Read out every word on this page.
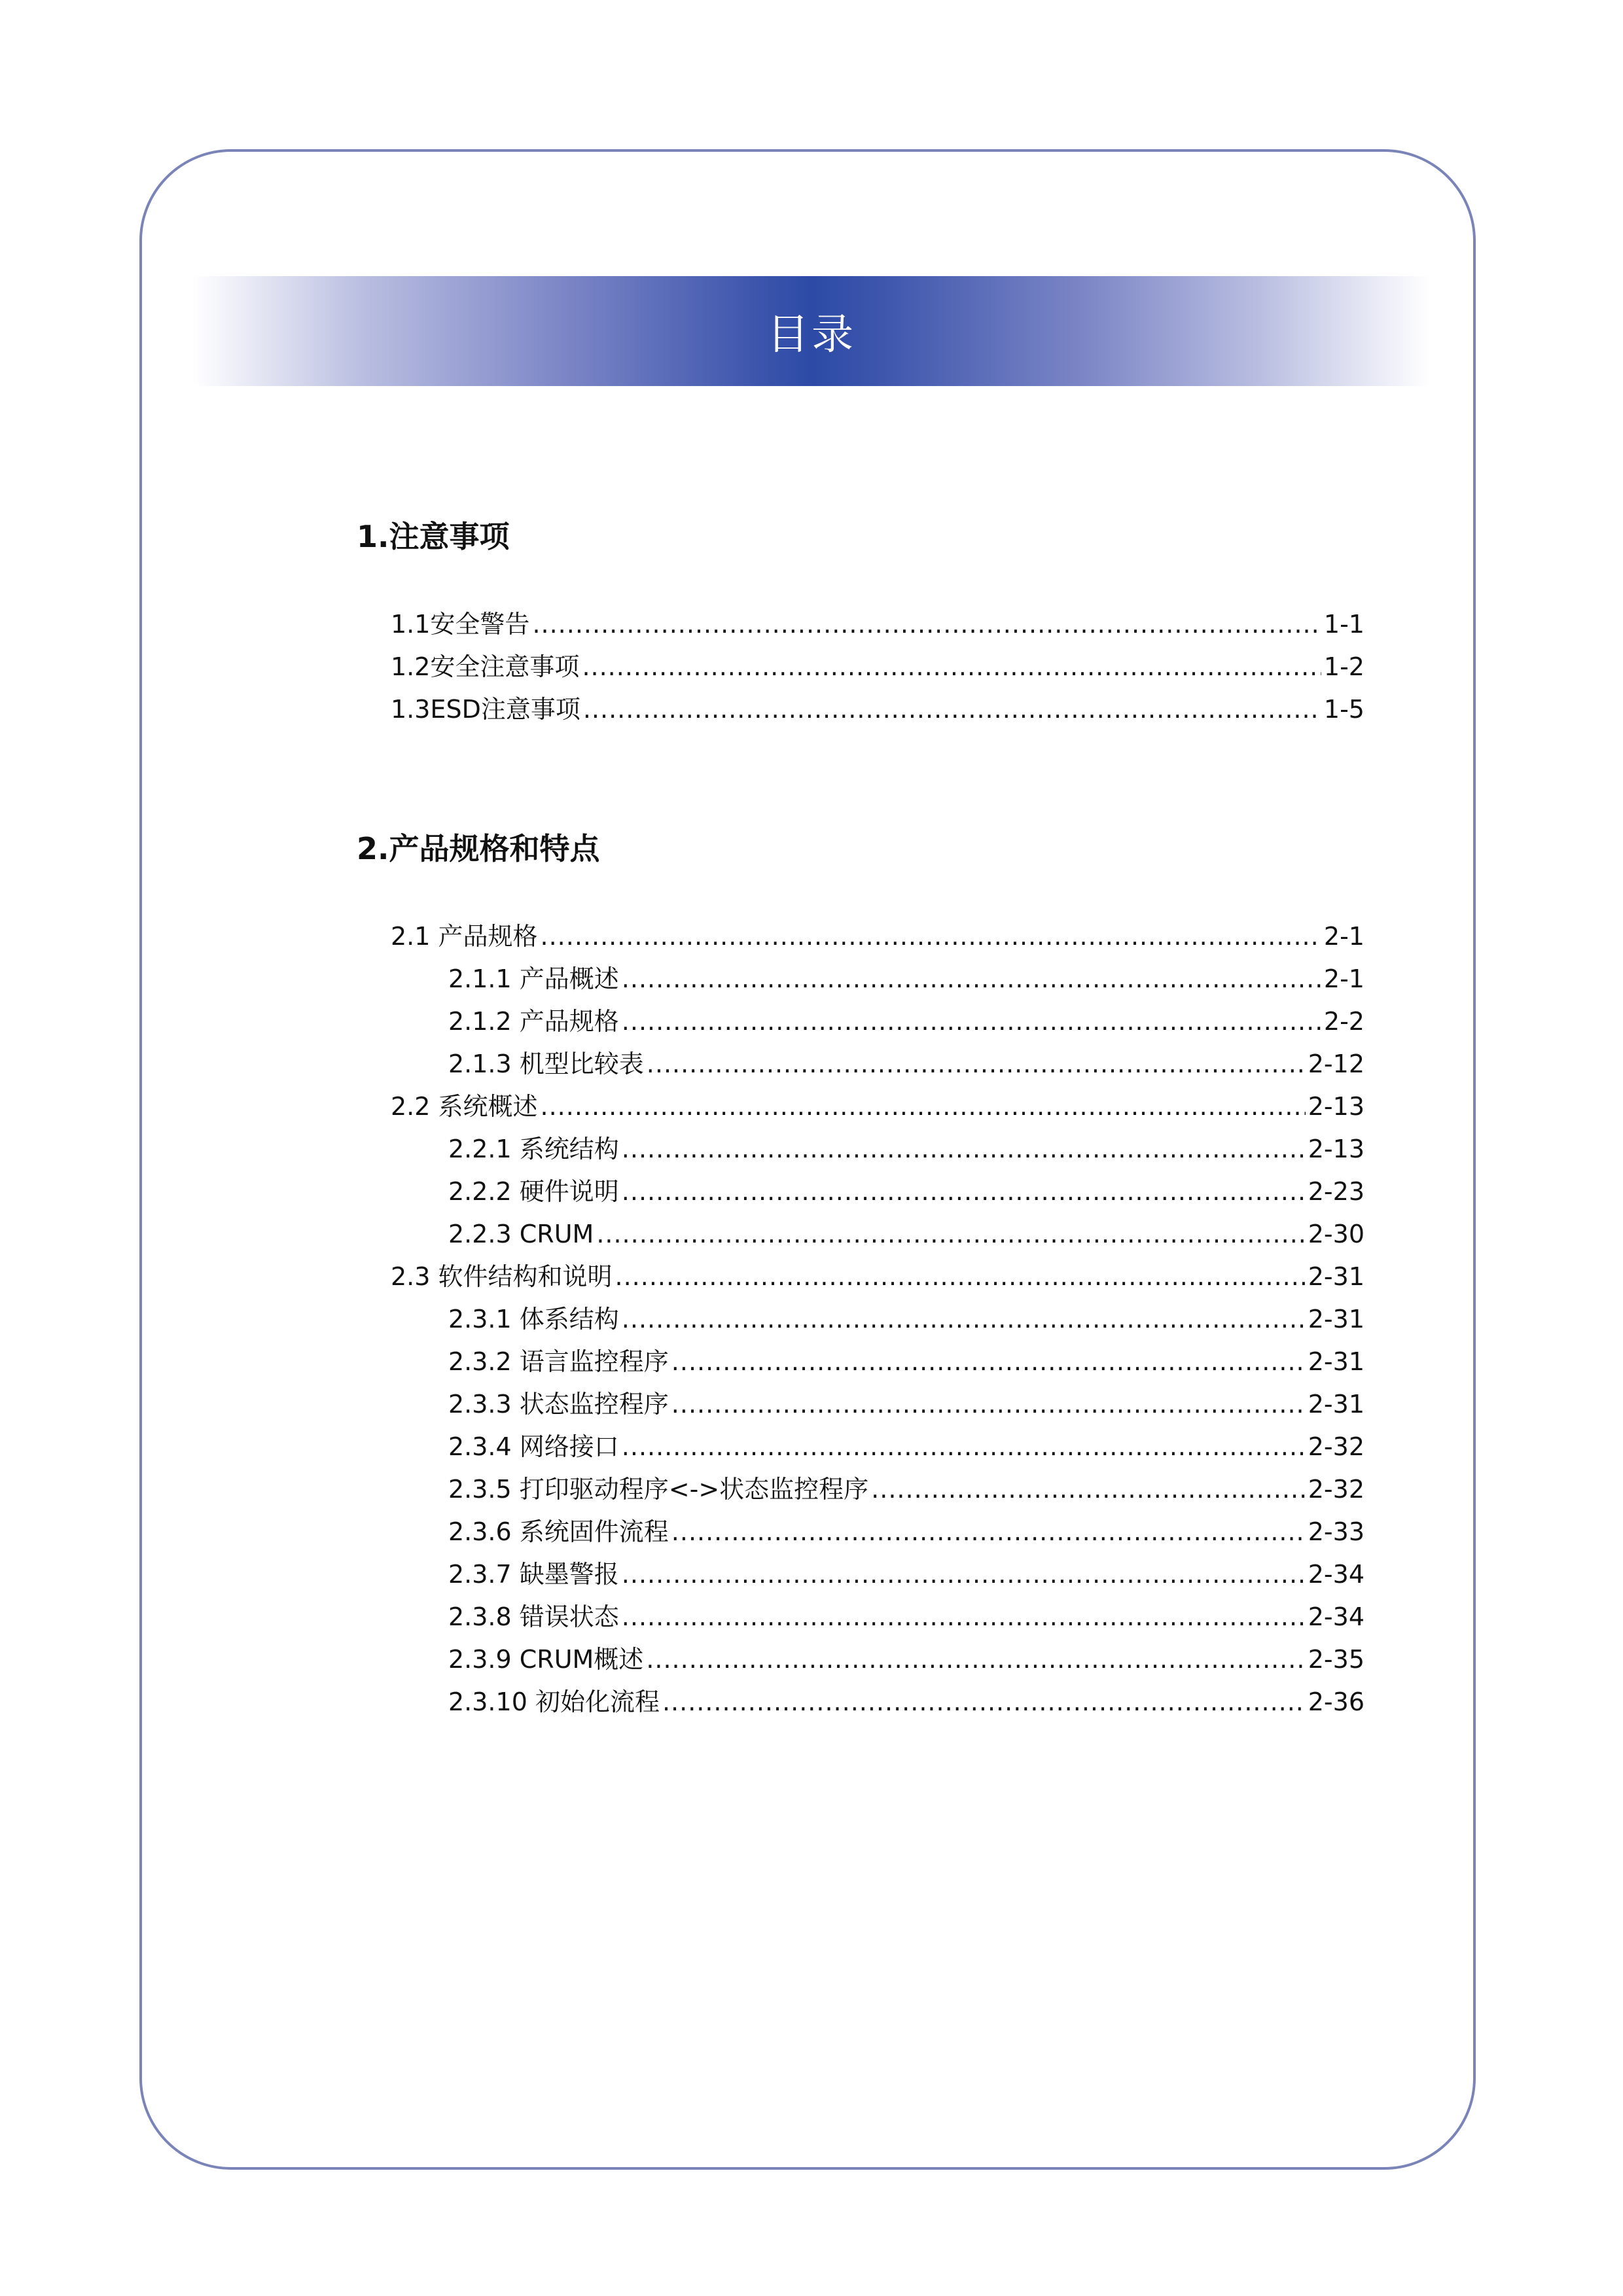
目录
1.注意事项
1.1安全警告 .....	1-1
1.2安全注意事项 .....	1-2
1.3ESD注意事项 .....	1-5
2.产品规格和特点
2.1 产品规格 .....	2-1
2.1.1 产品概述 .....	2-1
2.1.2 产品规格 .....	2-2
2.1.3 机型比较表 .....	2-12
2.2 系统概述 .....	2-13
2.2.1 系统结构 .....	2-13
2.2.2 硬件说明 .....	2-23
2.2.3 CRUM .....	2-30
2.3 软件结构和说明 .....	2-31
2.3.1 体系结构 .....	2-31
2.3.2 语言监控程序 .....	2-31
2.3.3 状态监控程序 .....	2-31
2.3.4 网络接口 .....	2-32
2.3.5 打印驱动程序<->状态监控程序 .....	2-32
2.3.6 系统固件流程 .....	2-33
2.3.7 缺墨警报 .....	2-34
2.3.8 错误状态 .....	2-34
2.3.9 CRUM概述 .....	2-35
2.3.10 初始化流程 .....	2-36
